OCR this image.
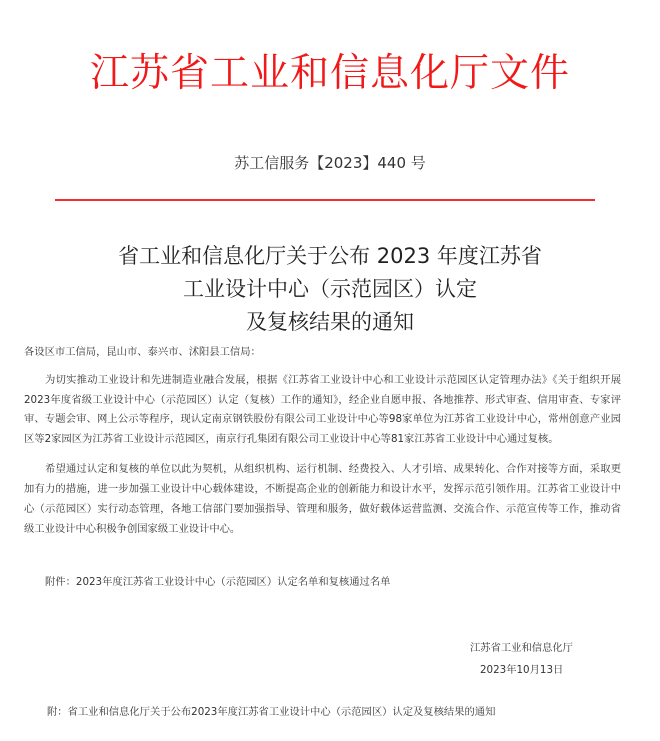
江苏省工业和信息化厅文件
苏工信服务【2023】440 号
省工业和信息化厅关于公布 2023 年度江苏省
工业设计中心（示范园区）认定
及复核结果的通知
各设区市工信局，昆山市、泰兴市、沭阳县工信局：
为切实推动工业设计和先进制造业融合发展，根据《江苏省工业设计中心和工业设计示范园区认定管理办法》《关于组织开展
2023年度省级工业设计中心（示范园区）认定（复核）工作的通知》，经企业自愿申报、各地推荐、形式审查、信用审查、专家评
审、专题会审、网上公示等程序，现认定南京钢铁股份有限公司工业设计中心等98家单位为江苏省工业设计中心，常州创意产业园
区等2家园区为江苏省工业设计示范园区，南京行孔集团有限公司工业设计中心等81家江苏省工业设计中心通过复核。
希望通过认定和复核的单位以此为契机，从组织机构、运行机制、经费投入、人才引培、成果转化、合作对接等方面，采取更
加有力的措施，进一步加强工业设计中心载体建设，不断提高企业的创新能力和设计水平，发挥示范引领作用。江苏省工业设计中
心（示范园区）实行动态管理，各地工信部门要加强指导、管理和服务，做好载体运营监测、交流合作、示范宣传等工作，推动省
级工业设计中心积极争创国家级工业设计中心。
附件：2023年度江苏省工业设计中心（示范园区）认定名单和复核通过名单
江苏省工业和信息化厅
2023年10月13日
附：省工业和信息化厅关于公布2023年度江苏省工业设计中心（示范园区）认定及复核结果的通知
